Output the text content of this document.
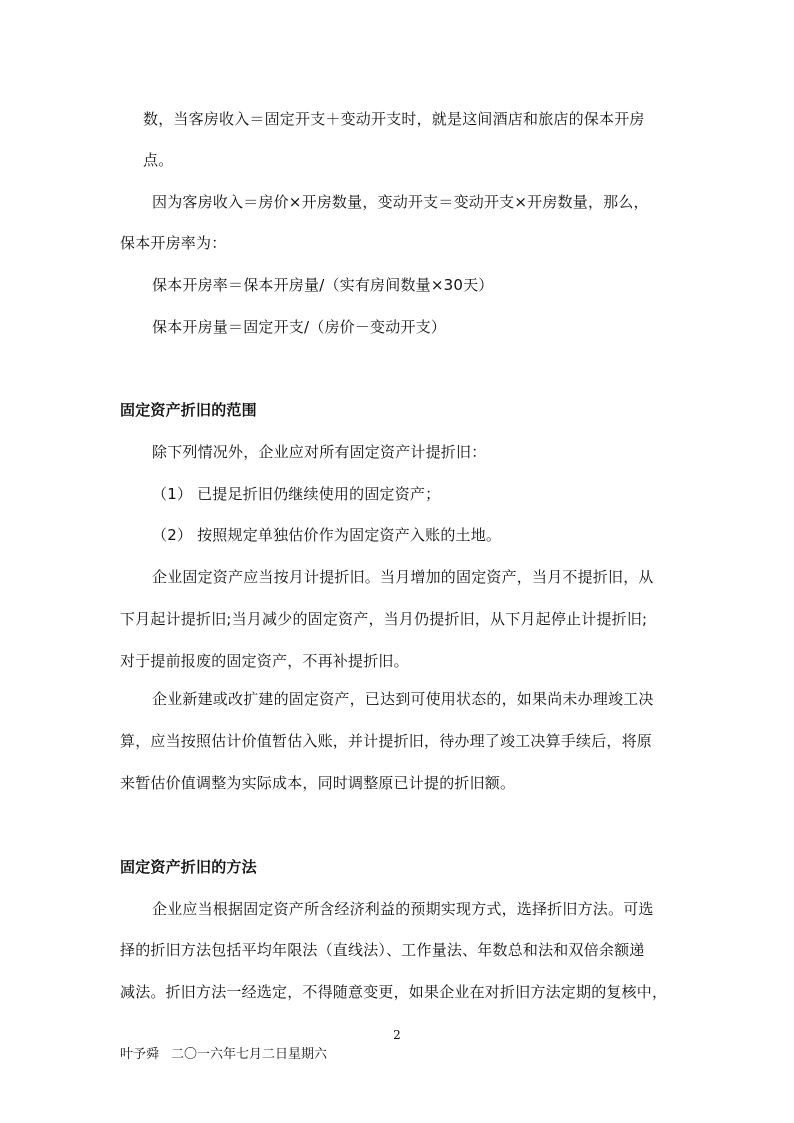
数，当客房收入＝固定开支＋变动开支时，就是这间酒店和旅店的保本开房
点。
因为客房收入＝房价×开房数量，变动开支＝变动开支×开房数量，那么，
保本开房率为：
保本开房率＝保本开房量/（实有房间数量×30天）
保本开房量＝固定开支/（房价－变动开支）
固定资产折旧的范围
除下列情况外，企业应对所有固定资产计提折旧：
（1） 已提足折旧仍继续使用的固定资产；
（2） 按照规定单独估价作为固定资产入账的土地。
企业固定资产应当按月计提折旧。当月增加的固定资产，当月不提折旧，从
下月起计提折旧;当月减少的固定资产，当月仍提折旧，从下月起停止计提折旧;
对于提前报废的固定资产，不再补提折旧。
企业新建或改扩建的固定资产，已达到可使用状态的，如果尚未办理竣工决
算，应当按照估计价值暂估入账，并计提折旧，待办理了竣工决算手续后，将原
来暂估价值调整为实际成本，同时调整原已计提的折旧额。
固定资产折旧的方法
企业应当根据固定资产所含经济利益的预期实现方式，选择折旧方法。可选
择的折旧方法包括平均年限法（直线法）、工作量法、年数总和法和双倍余额递
减法。折旧方法一经选定，不得随意变更，如果企业在对折旧方法定期的复核中，
2
叶予舜 二〇一六年七月二日星期六
